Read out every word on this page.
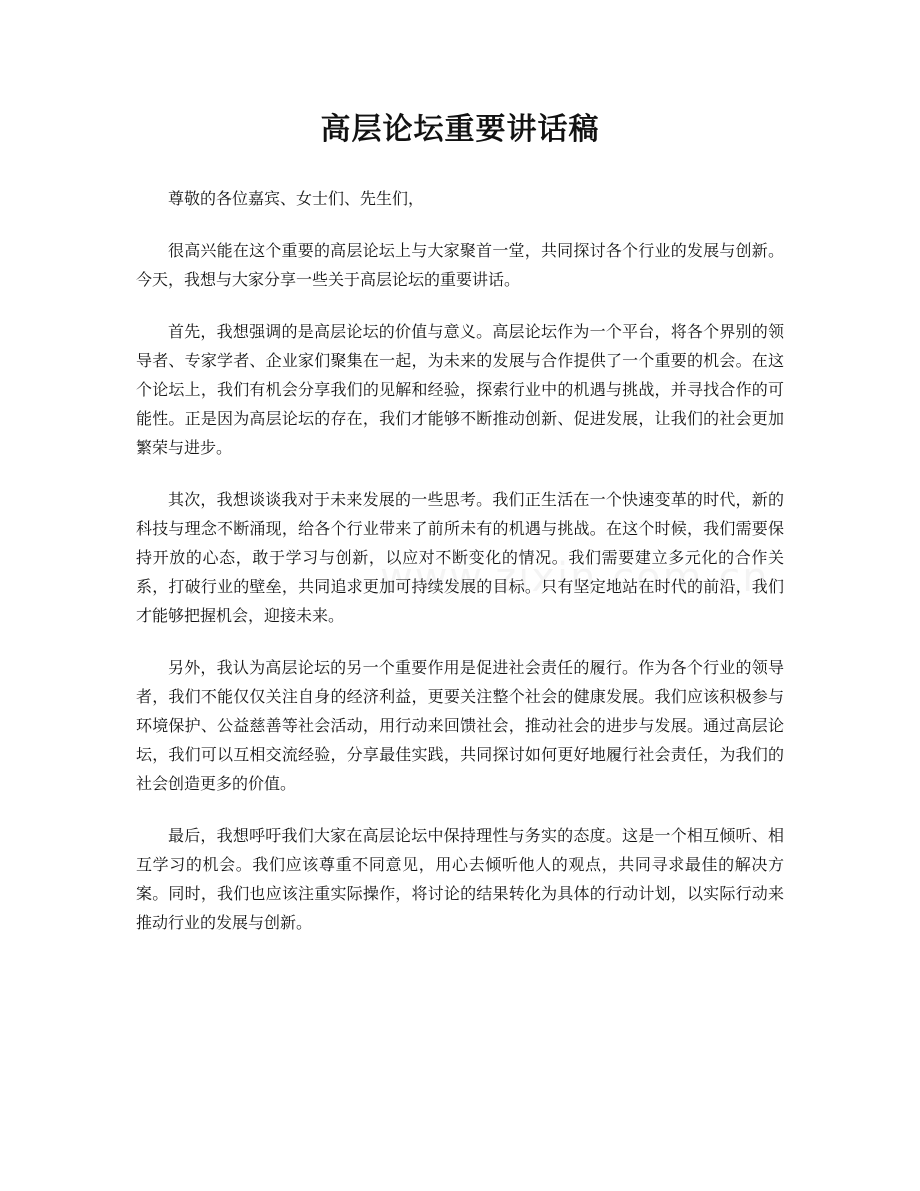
高层论坛重要讲话稿

尊敬的各位嘉宾、女士们、先生们，

很高兴能在这个重要的高层论坛上与大家聚首一堂，共同探讨各个行业的发展与创新。今天，我想与大家分享一些关于高层论坛的重要讲话。

首先，我想强调的是高层论坛的价值与意义。高层论坛作为一个平台，将各个界别的领导者、专家学者、企业家们聚集在一起，为未来的发展与合作提供了一个重要的机会。在这个论坛上，我们有机会分享我们的见解和经验，探索行业中的机遇与挑战，并寻找合作的可能性。正是因为高层论坛的存在，我们才能够不断推动创新、促进发展，让我们的社会更加繁荣与进步。

其次，我想谈谈我对于未来发展的一些思考。我们正生活在一个快速变革的时代，新的科技与理念不断涌现，给各个行业带来了前所未有的机遇与挑战。在这个时候，我们需要保持开放的心态，敢于学习与创新，以应对不断变化的情况。我们需要建立多元化的合作关系，打破行业的壁垒，共同追求更加可持续发展的目标。只有坚定地站在时代的前沿，我们才能够把握机会，迎接未来。

另外，我认为高层论坛的另一个重要作用是促进社会责任的履行。作为各个行业的领导者，我们不能仅仅关注自身的经济利益，更要关注整个社会的健康发展。我们应该积极参与环境保护、公益慈善等社会活动，用行动来回馈社会，推动社会的进步与发展。通过高层论坛，我们可以互相交流经验，分享最佳实践，共同探讨如何更好地履行社会责任，为我们的社会创造更多的价值。

最后，我想呼吁我们大家在高层论坛中保持理性与务实的态度。这是一个相互倾听、相互学习的机会。我们应该尊重不同意见，用心去倾听他人的观点，共同寻求最佳的解决方案。同时，我们也应该注重实际操作，将讨论的结果转化为具体的行动计划，以实际行动来推动行业的发展与创新。
